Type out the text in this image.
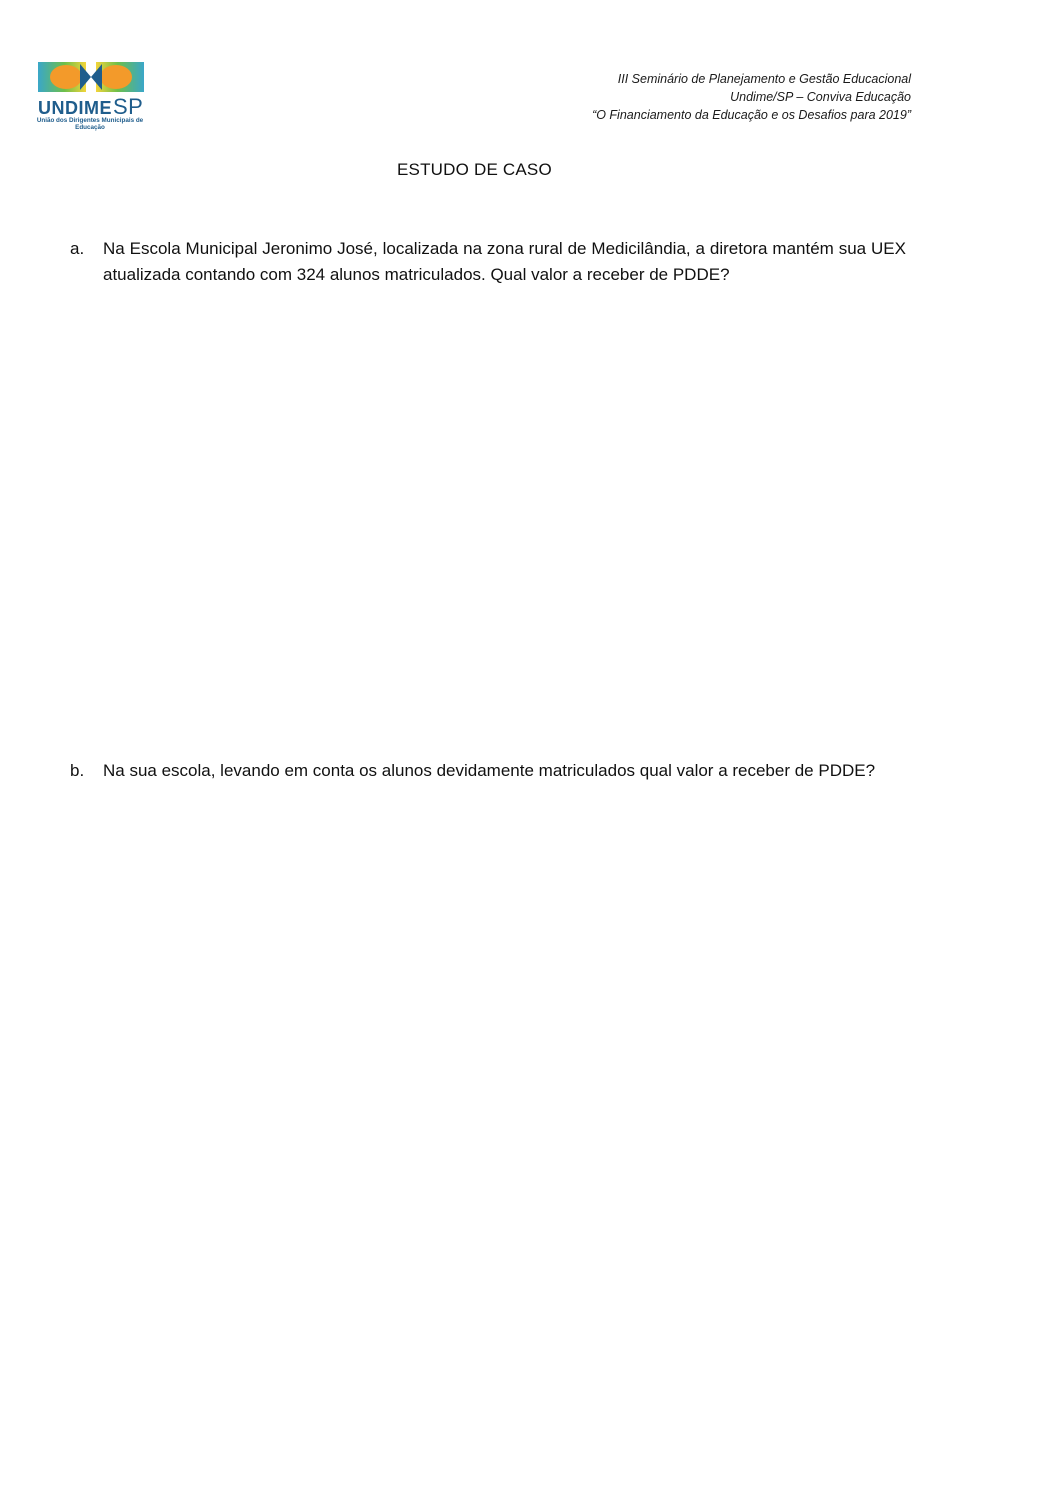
UNDIMESP
União dos Dirigentes Municipais de Educação
III Seminário de Planejamento e Gestão Educacional
Undime/SP – Conviva Educação
“O Financiamento da Educação e os Desafios para 2019”
ESTUDO DE CASO
a.	Na Escola Municipal Jeronimo José, localizada na zona rural de Medicilândia, a diretora mantém sua UEX atualizada contando com 324 alunos matriculados. Qual valor a receber de PDDE?
b.	Na sua escola, levando em conta os alunos devidamente matriculados qual valor a receber de PDDE?
